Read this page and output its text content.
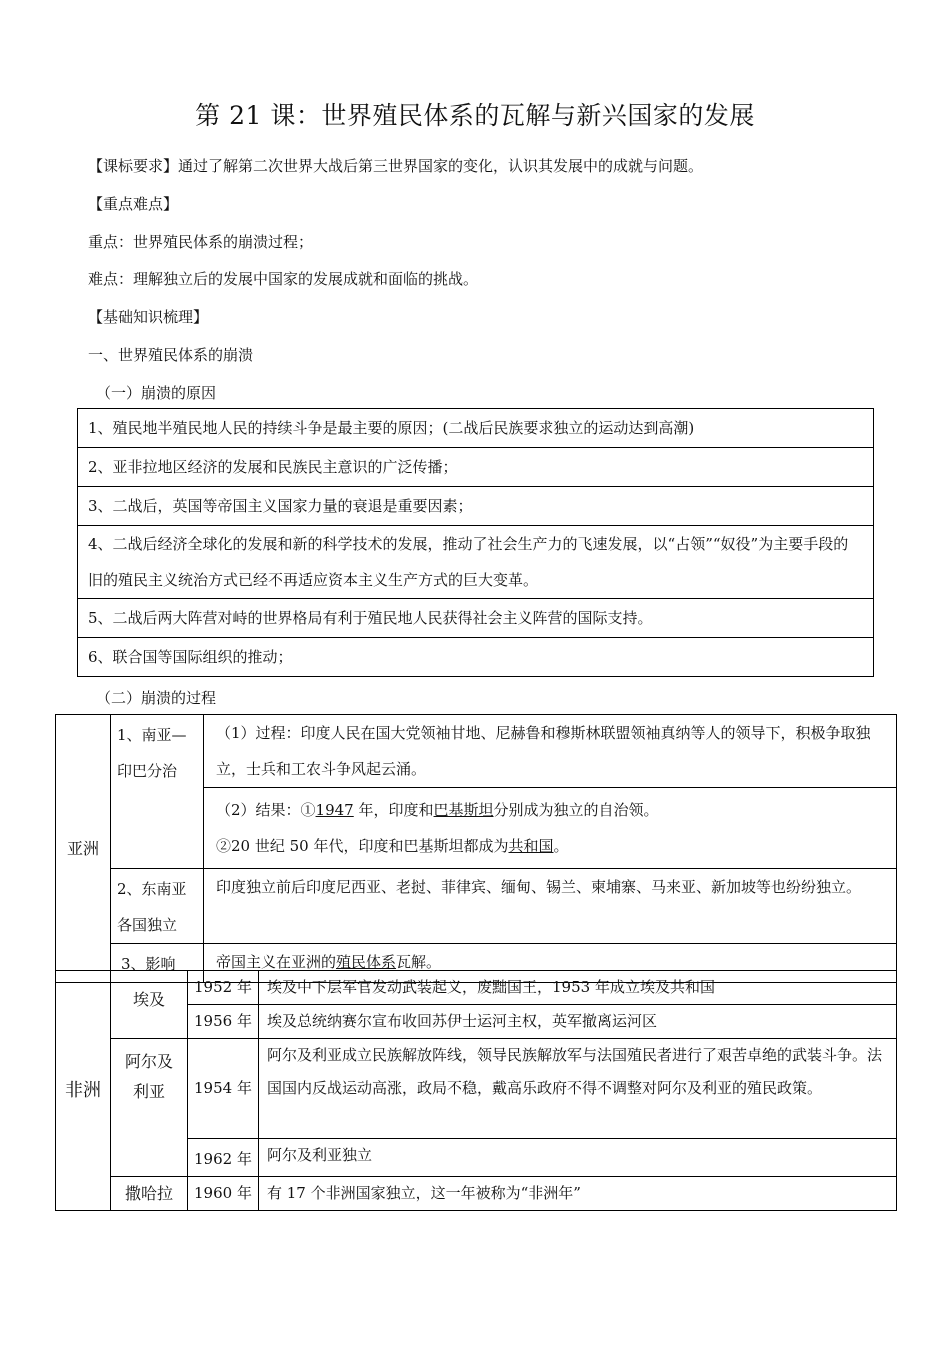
第 21 课：世界殖民体系的瓦解与新兴国家的发展
【课标要求】通过了解第二次世界大战后第三世界国家的变化，认识其发展中的成就与问题。
【重点难点】
重点：世界殖民体系的崩溃过程；
难点：理解独立后的发展中国家的发展成就和面临的挑战。
【基础知识梳理】
一、世界殖民体系的崩溃
（一）崩溃的原因
1、殖民地半殖民地人民的持续斗争是最主要的原因；(二战后民族要求独立的运动达到高潮)
2、亚非拉地区经济的发展和民族民主意识的广泛传播；
3、二战后，英国等帝国主义国家力量的衰退是重要因素；
4、二战后经济全球化的发展和新的科学技术的发展，推动了社会生产力的飞速发展，以“占领”“奴役”为主要手段的旧的殖民主义统治方式已经不再适应资本主义生产方式的巨大变革。
5、二战后两大阵营对峙的世界格局有利于殖民地人民获得社会主义阵营的国际支持。
6、联合国等国际组织的推动；
（二）崩溃的过程
亚洲	1、南亚—印巴分治	（1）过程：印度人民在国大党领袖甘地、尼赫鲁和穆斯林联盟领袖真纳等人的领导下，积极争取独立，士兵和工农斗争风起云涌。

		（2）结果：①1947 年，印度和巴基斯坦分别成为独立的自治领。
②20 世纪 50 年代，印度和巴基斯坦都成为共和国。

	2、东南亚各国独立	印度独立前后印度尼西亚、老挝、菲律宾、缅甸、锡兰、柬埔寨、马来亚、新加坡等也纷纷独立。
	3、影响	帝国主义在亚洲的殖民体系瓦解。
非洲	埃及	1952 年	埃及中下层军官发动武装起义，废黜国王，1953 年成立埃及共和国
		1956 年	埃及总统纳赛尔宣布收回苏伊士运河主权，英军撤离运河区

	阿尔及
利亚	1954 年	阿尔及利亚成立民族解放阵线，领导民族解放军与法国殖民者进行了艰苦卓绝的武装斗争。法国国内反战运动高涨，政局不稳，戴高乐政府不得不调整对阿尔及利亚的殖民政策。
		1962 年	阿尔及利亚独立
	撒哈拉	1960 年	有 17 个非洲国家独立，这一年被称为“非洲年”
